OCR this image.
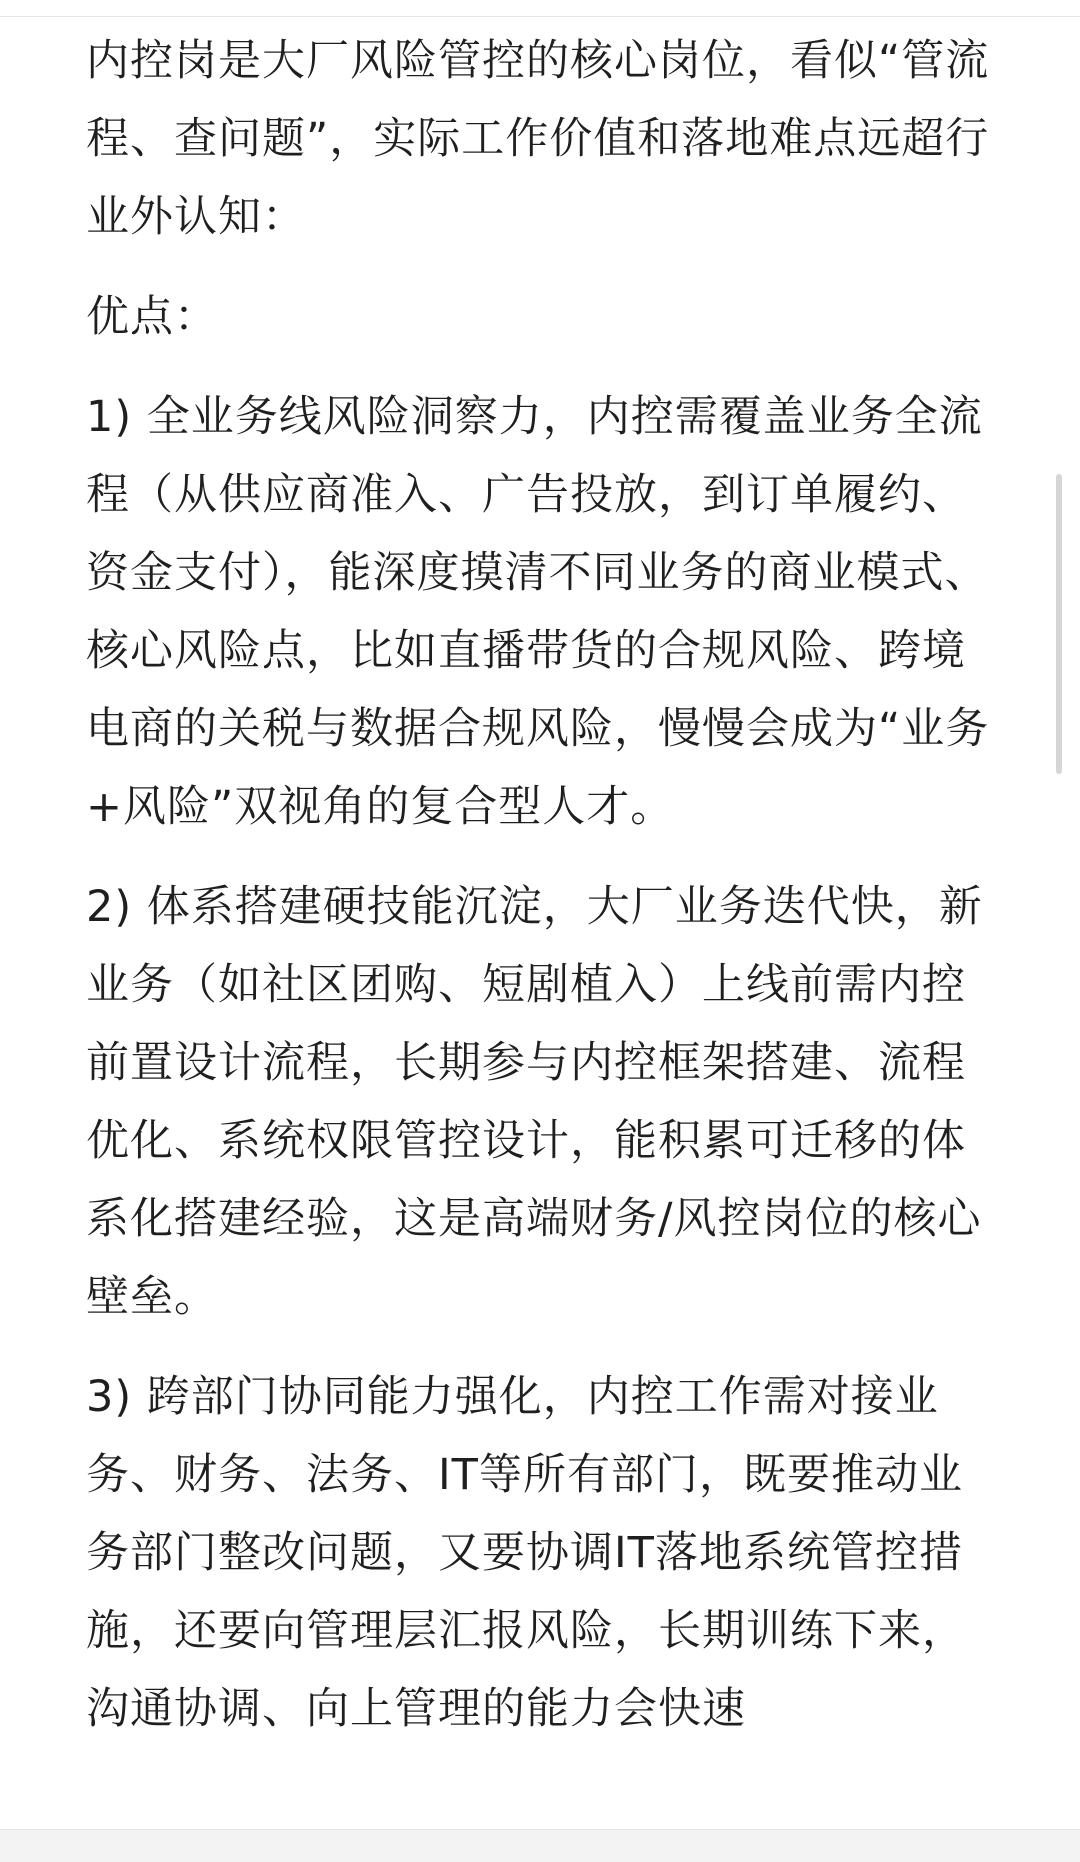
内控岗是大厂风险管控的核心岗位，看似“管流程、查问题”，实际工作价值和落地难点远超行业外认知：

优点：

1) 全业务线风险洞察力，内控需覆盖业务全流程（从供应商准入、广告投放，到订单履约、资金支付），能深度摸清不同业务的商业模式、核心风险点，比如直播带货的合规风险、跨境电商的关税与数据合规风险，慢慢会成为“业务+风险”双视角的复合型人才。

2) 体系搭建硬技能沉淀，大厂业务迭代快，新业务（如社区团购、短剧植入）上线前需内控前置设计流程，长期参与内控框架搭建、流程优化、系统权限管控设计，能积累可迁移的体系化搭建经验，这是高端财务/风控岗位的核心壁垒。

3) 跨部门协同能力强化，内控工作需对接业务、财务、法务、IT等所有部门，既要推动业务部门整改问题，又要协调IT落地系统管控措施，还要向管理层汇报风险，长期训练下来，沟通协调、向上管理的能力会快速
